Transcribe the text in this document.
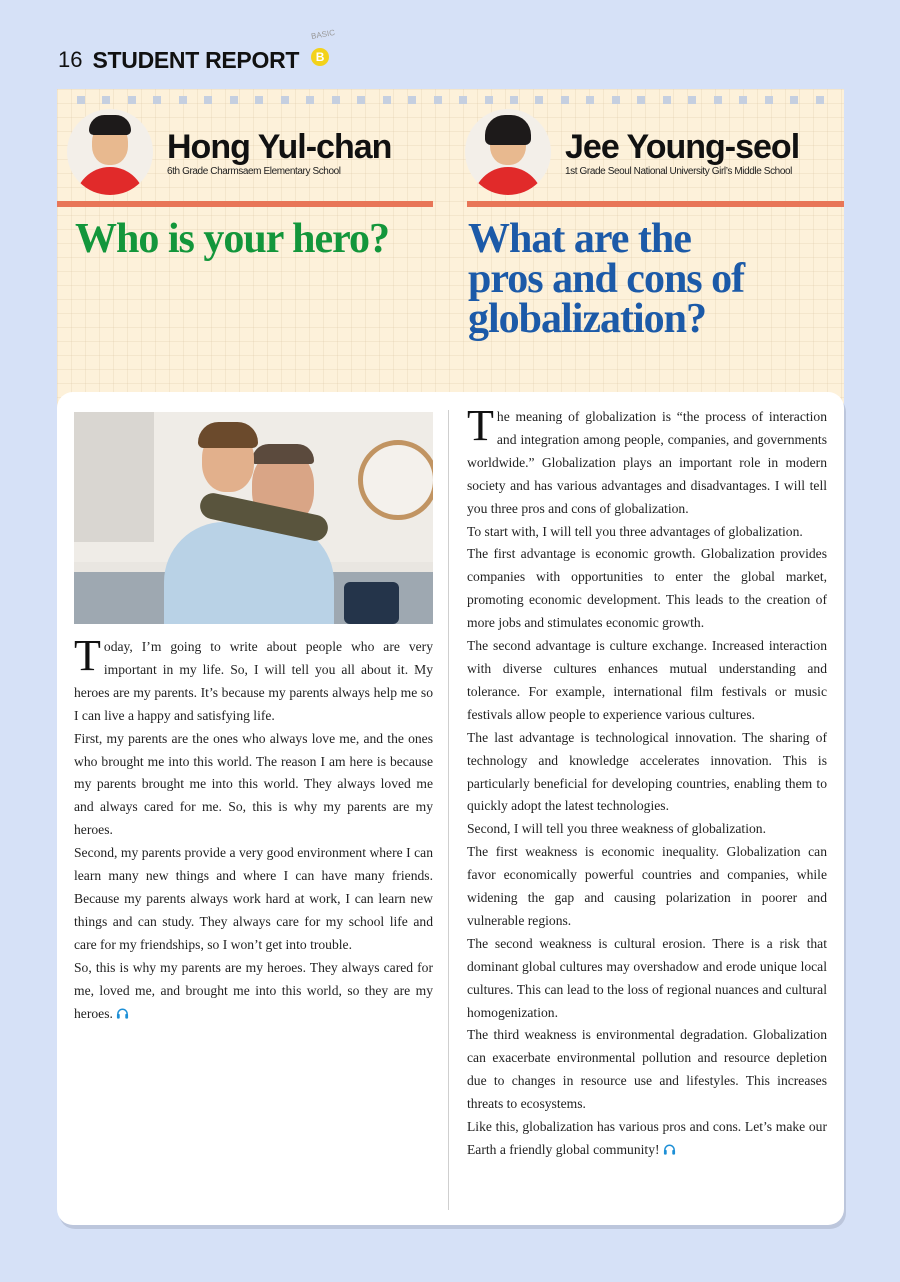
16 STUDENT REPORT
BASIC
B
Hong Yul-chan
6th Grade Charmsaem Elementary School
Who is your hero?
Jee Young-seol
1st Grade Seoul National University Girl’s Middle School
What are the
pros and cons of
globalization?

Today, I’m going to write about people who are very important in my life. So, I will tell you all about it. My heroes are my parents. It’s because my parents always help me so I can live a happy and satisfying life.

First, my parents are the ones who always love me, and the ones who brought me into this world. The reason I am here is because my parents brought me into this world. They always loved me and always cared for me. So, this is why my parents are my heroes.

Second, my parents provide a very good environment where I can learn many new things and where I can have many friends. Because my parents always work hard at work, I can learn new things and can study. They always care for my school life and care for my friendships, so I won’t get into trouble.

So, this is why my parents are my heroes. They always cared for me, loved me, and brought me into this world, so they are my heroes.

The meaning of globalization is “the process of interaction and integration among people, companies, and governments worldwide.” Globalization plays an important role in modern society and has various advantages and disadvantages. I will tell you three pros and cons of globalization.

To start with, I will tell you three advantages of globalization.

The first advantage is economic growth. Globalization provides companies with opportunities to enter the global market, promoting economic development. This leads to the creation of more jobs and stimulates economic growth.

The second advantage is culture exchange. Increased interaction with diverse cultures enhances mutual understanding and tolerance. For example, international film festivals or music festivals allow people to experience various cultures.

The last advantage is technological innovation. The sharing of technology and knowledge accelerates innovation. This is particularly beneficial for developing countries, enabling them to quickly adopt the latest technologies.

Second, I will tell you three weakness of globalization.

The first weakness is economic inequality. Globalization can favor economically powerful countries and companies, while widening the gap and causing polarization in poorer and vulnerable regions.

The second weakness is cultural erosion. There is a risk that dominant global cultures may overshadow and erode unique local cultures. This can lead to the loss of regional nuances and cultural homogenization.

The third weakness is environmental degradation. Globalization can exacerbate environmental pollution and resource depletion due to changes in resource use and lifestyles. This increases threats to ecosystems.

Like this, globalization has various pros and cons. Let’s make our Earth a friendly global community!
